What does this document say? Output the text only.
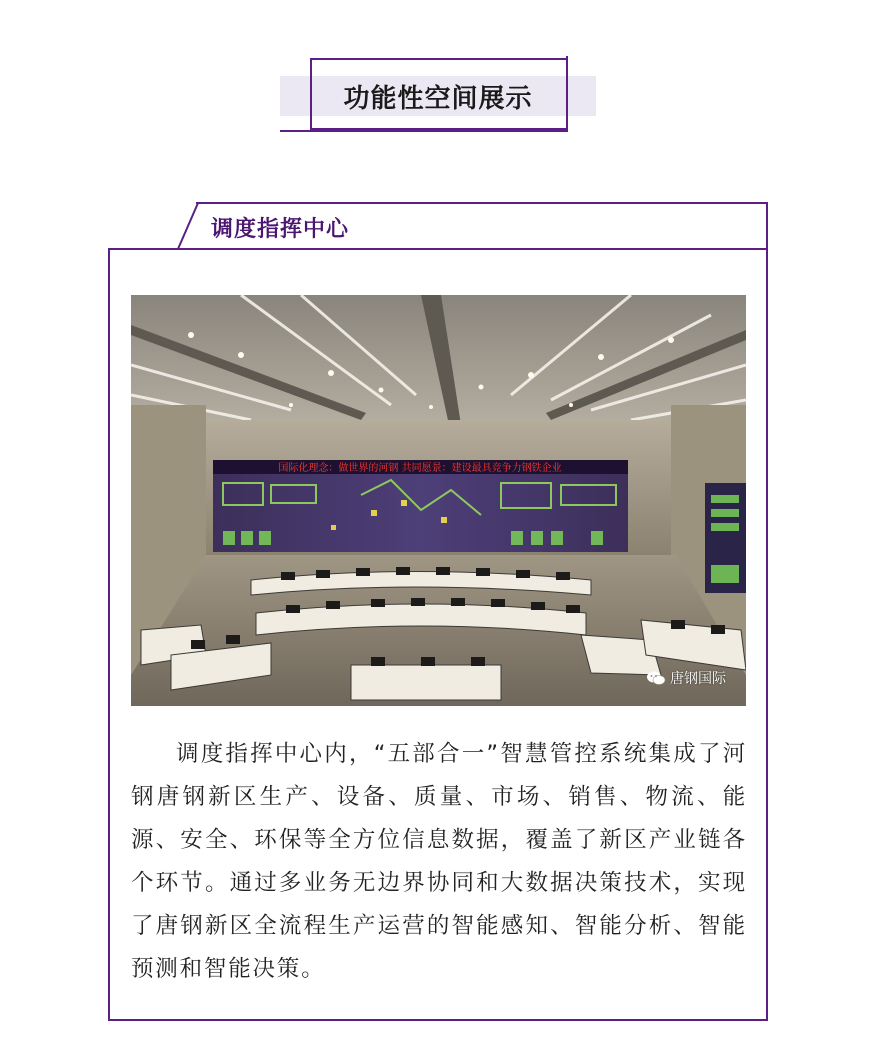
功能性空间展示
调度指挥中心
国际化理念：做世界的河钢 共同愿景：建设最具竞争力钢铁企业
唐钢国际
调度指挥中心内，“五部合一”智慧管控系统集成了河钢唐钢新区生产、设备、质量、市场、销售、物流、能源、安全、环保等全方位信息数据，覆盖了新区产业链各个环节。通过多业务无边界协同和大数据决策技术，实现了唐钢新区全流程生产运营的智能感知、智能分析、智能预测和智能决策。
